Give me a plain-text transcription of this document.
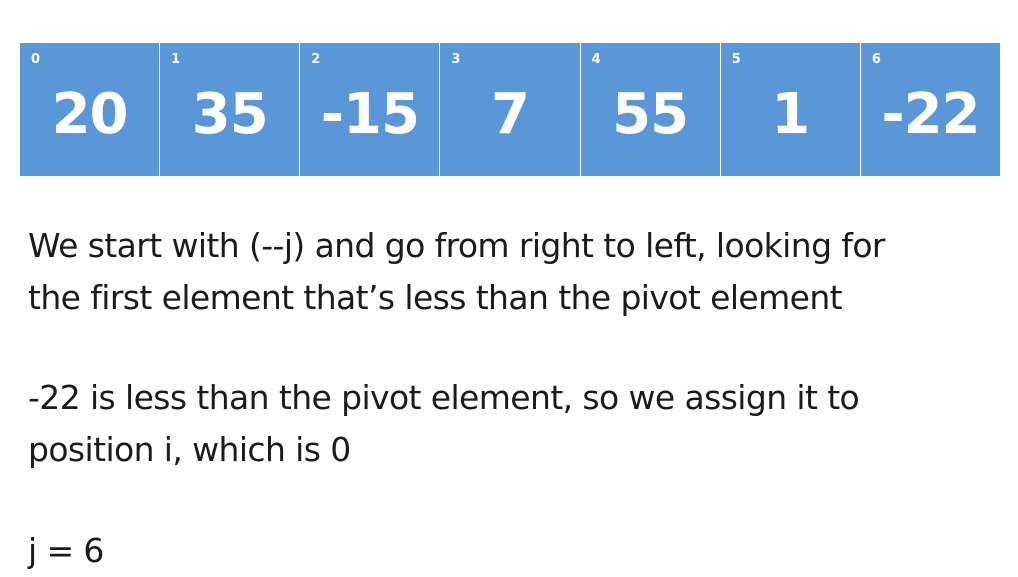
0
20
1
35
2
-15
3
7
4
55
5
1
6
-22
We start with (--j) and go from right to left, looking for
the first element that’s less than the pivot element
-22 is less than the pivot element, so we assign it to
position i, which is 0
j = 6
